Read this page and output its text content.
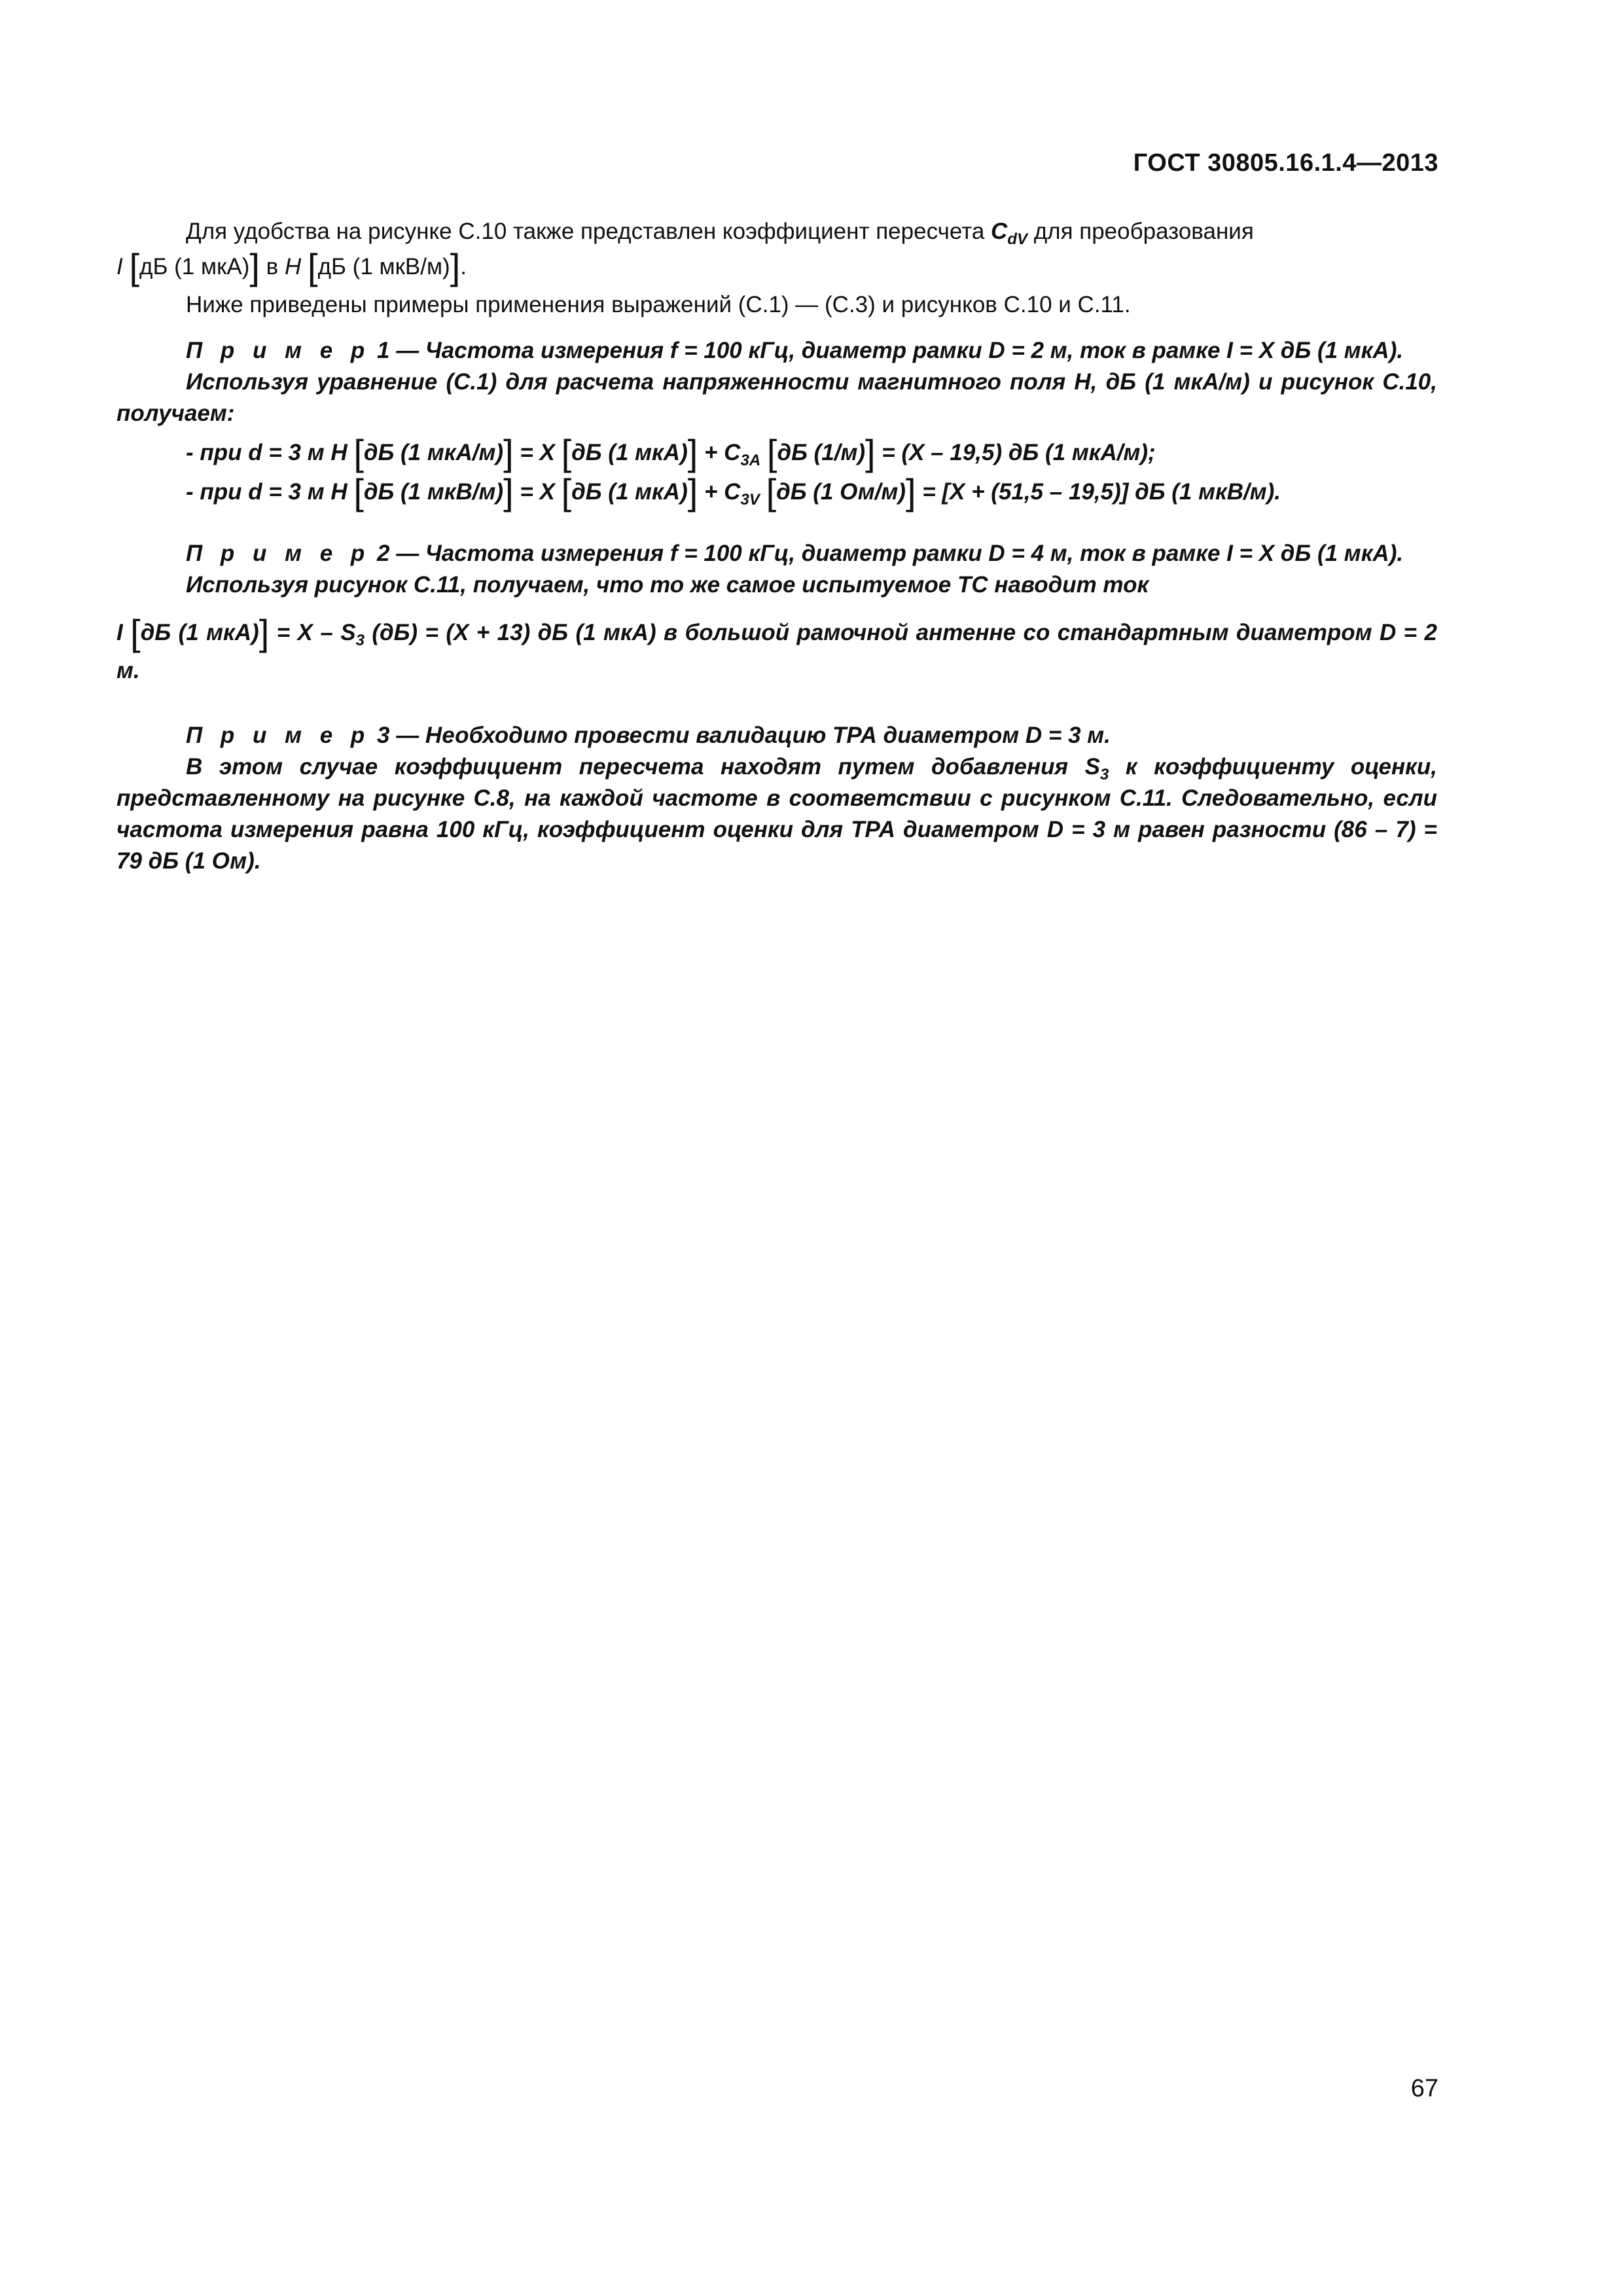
ГОСТ 30805.16.1.4—2013

Для удобства на рисунке С.10 также представлен коэффициент пересчета $C_{dV}$ для преобразования

I [дБ (1 мкА)] в H [дБ (1 мкВ/м)].

Ниже приведены примеры применения выражений (С.1) — (С.3) и рисунков С.10 и С.11.

П р и м е р 1 — Частота измерения f = 100 кГц, диаметр рамки D = 2 м, ток в рамке I = X дБ (1 мкА).

Используя уравнение (С.1) для расчета напряженности магнитного поля H, дБ (1 мкА/м) и рисунок С.10, получаем:

- при d = 3 м H [дБ (1 мкА/м)] = X [дБ (1 $мкА)] + C_{3A}$ [дБ (1/м)] = (X – 19,5) дБ (1 мкА/м);

- при d = 3 м H [дБ (1 мкВ/м)] = X [дБ (1 $мкА)] + C_{3V}$ [дБ (1 Ом/м)] = [X + (51,5 – 19,5)] дБ (1 мкВ/м).

П р и м е р 2 — Частота измерения f = 100 кГц, диаметр рамки D = 4 м, ток в рамке I = X дБ (1 мкА).

Используя рисунок С.11, получаем, что то же самое испытуемое ТС наводит ток

I [дБ (1 $мкА)] = X - S_3$ (дБ) = (X + 13) дБ (1 мкА) в большой рамочной антенне со стандартным диаметром D = 2 м.

П р и м е р 3 — Необходимо провести валидацию ТРА диаметром D = 3 м.

В этом случае коэффициент пересчета находят путем добавления $S_3$ к коэффициенту оценки, представленному на рисунке С.8, на каждой частоте в соответствии с рисунком С.11. Следовательно, если частота измерения равна 100 кГц, коэффициент оценки для ТРА диаметром D = 3 м равен разности (86 – 7) = 79 дБ (1 Ом).

67
